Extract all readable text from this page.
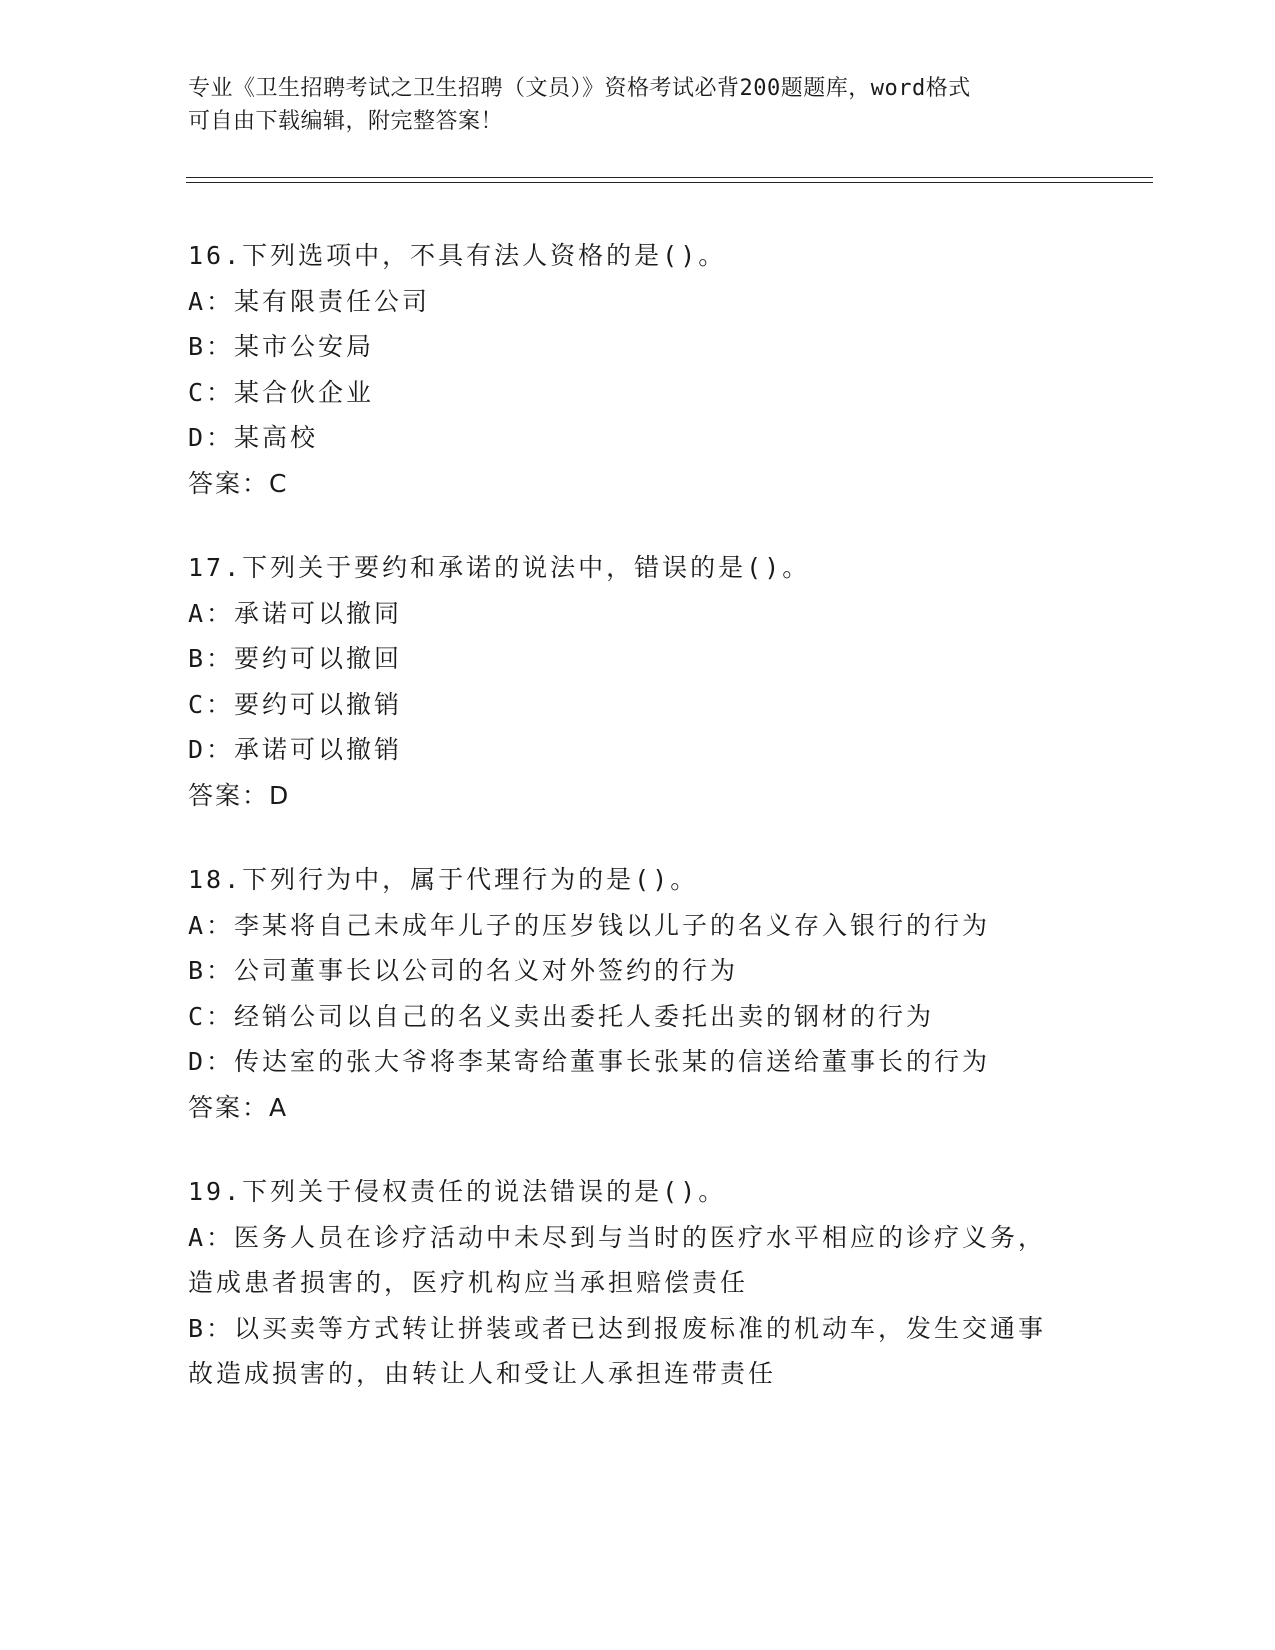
专业《卫生招聘考试之卫生招聘（文员）》资格考试必背200题题库，word格式
可自由下载编辑，附完整答案！
16.下列选项中，不具有法人资格的是()。
A：某有限责任公司
B：某市公安局
C：某合伙企业
D：某高校
答案：C
17.下列关于要约和承诺的说法中，错误的是()。
A：承诺可以撤同
B：要约可以撤回
C：要约可以撤销
D：承诺可以撤销
答案：D
18.下列行为中，属于代理行为的是()。
A：李某将自己未成年儿子的压岁钱以儿子的名义存入银行的行为
B：公司董事长以公司的名义对外签约的行为
C：经销公司以自己的名义卖出委托人委托出卖的钢材的行为
D：传达室的张大爷将李某寄给董事长张某的信送给董事长的行为
答案：A
19.下列关于侵权责任的说法错误的是()。
A：医务人员在诊疗活动中未尽到与当时的医疗水平相应的诊疗义务，
造成患者损害的，医疗机构应当承担赔偿责任
B：以买卖等方式转让拼装或者已达到报废标准的机动车，发生交通事
故造成损害的，由转让人和受让人承担连带责任
